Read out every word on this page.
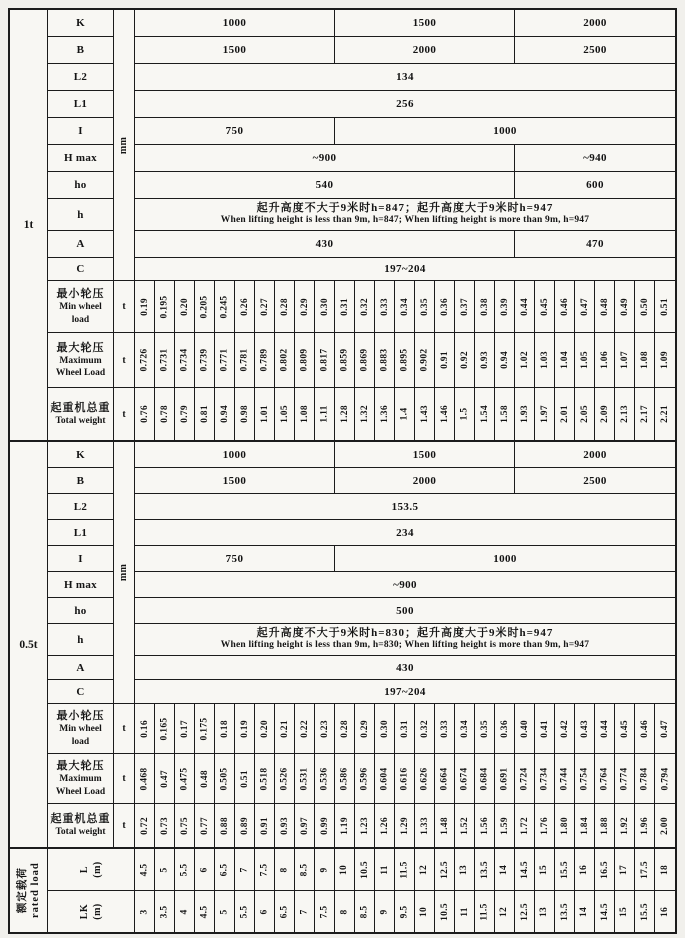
1t
mm
K	1000	1500	2000
B	1500	2000	2500
L2	134
L1	256
I	750	1000
H max	~900	~940
ho	540	600
h
起升高度不大于9米时h=847；起升高度大于9米时h=947
When lifting height is less than 9m, h=847; When lifting height is more than 9m, h=947
A	430	470
C	197~204
最小轮压
Min wheel load
t	0.19 0.195 0.20 0.205 0.245 0.26 0.27 0.28 0.29 0.30 0.31 0.32 0.33 0.34 0.35 0.36 0.37 0.38 0.39 0.44 0.45 0.46 0.47 0.48 0.49 0.50 0.51
最大轮压
Maximum Wheel Load
t	0.726 0.731 0.734 0.739 0.771 0.781 0.789 0.802 0.809 0.817 0.859 0.869 0.883 0.895 0.902 0.91 0.92 0.93 0.94 1.02 1.03 1.04 1.05 1.06 1.07 1.08 1.09
起重机总重
Total weight
t	0.76 0.78 0.79 0.81 0.94 0.98 1.01 1.05 1.08 1.11 1.28 1.32 1.36 1.4 1.43 1.46 1.5 1.54 1.58 1.93 1.97 2.01 2.05 2.09 2.13 2.17 2.21
0.5t
mm
K	1000	1500	2000
B	1500	2000	2500
L2	153.5
L1	234
I	750	1000
H max	~900
ho	500
h
起升高度不大于9米时h=830；起升高度大于9米时h=947
When lifting height is less than 9m, h=830; When lifting height is more than 9m, h=947
A	430
C	197~204
最小轮压
Min wheel load
t	0.16 0.165 0.17 0.175 0.18 0.19 0.20 0.21 0.22 0.23 0.28 0.29 0.30 0.31 0.32 0.33 0.34 0.35 0.36 0.40 0.41 0.42 0.43 0.44 0.45 0.46 0.47
最大轮压
Maximum Wheel Load
t	0.468 0.47 0.475 0.48 0.505 0.51 0.518 0.526 0.531 0.536 0.586 0.596 0.604 0.616 0.626 0.664 0.674 0.684 0.691 0.724 0.734 0.744 0.754 0.764 0.774 0.784 0.794
起重机总重
Total weight
t	0.72 0.73 0.75 0.77 0.88 0.89 0.91 0.93 0.97 0.99 1.19 1.23 1.26 1.29 1.33 1.48 1.52 1.56 1.59 1.72 1.76 1.80 1.84 1.88 1.92 1.96 2.00
额定载荷 rated load	L (m)	4.5 5 5.5 6 6.5 7 7.5 8 8.5 9 10 10.5 11 11.5 12 12.5 13 13.5 14 14.5 15 15.5 16 16.5 17 17.5 18
LK (m)	3 3.5 4 4.5 5 5.5 6 6.5 7 7.5 8 8.5 9 9.5 10 10.5 11 11.5 12 12.5 13 13.5 14 14.5 15 15.5 16
